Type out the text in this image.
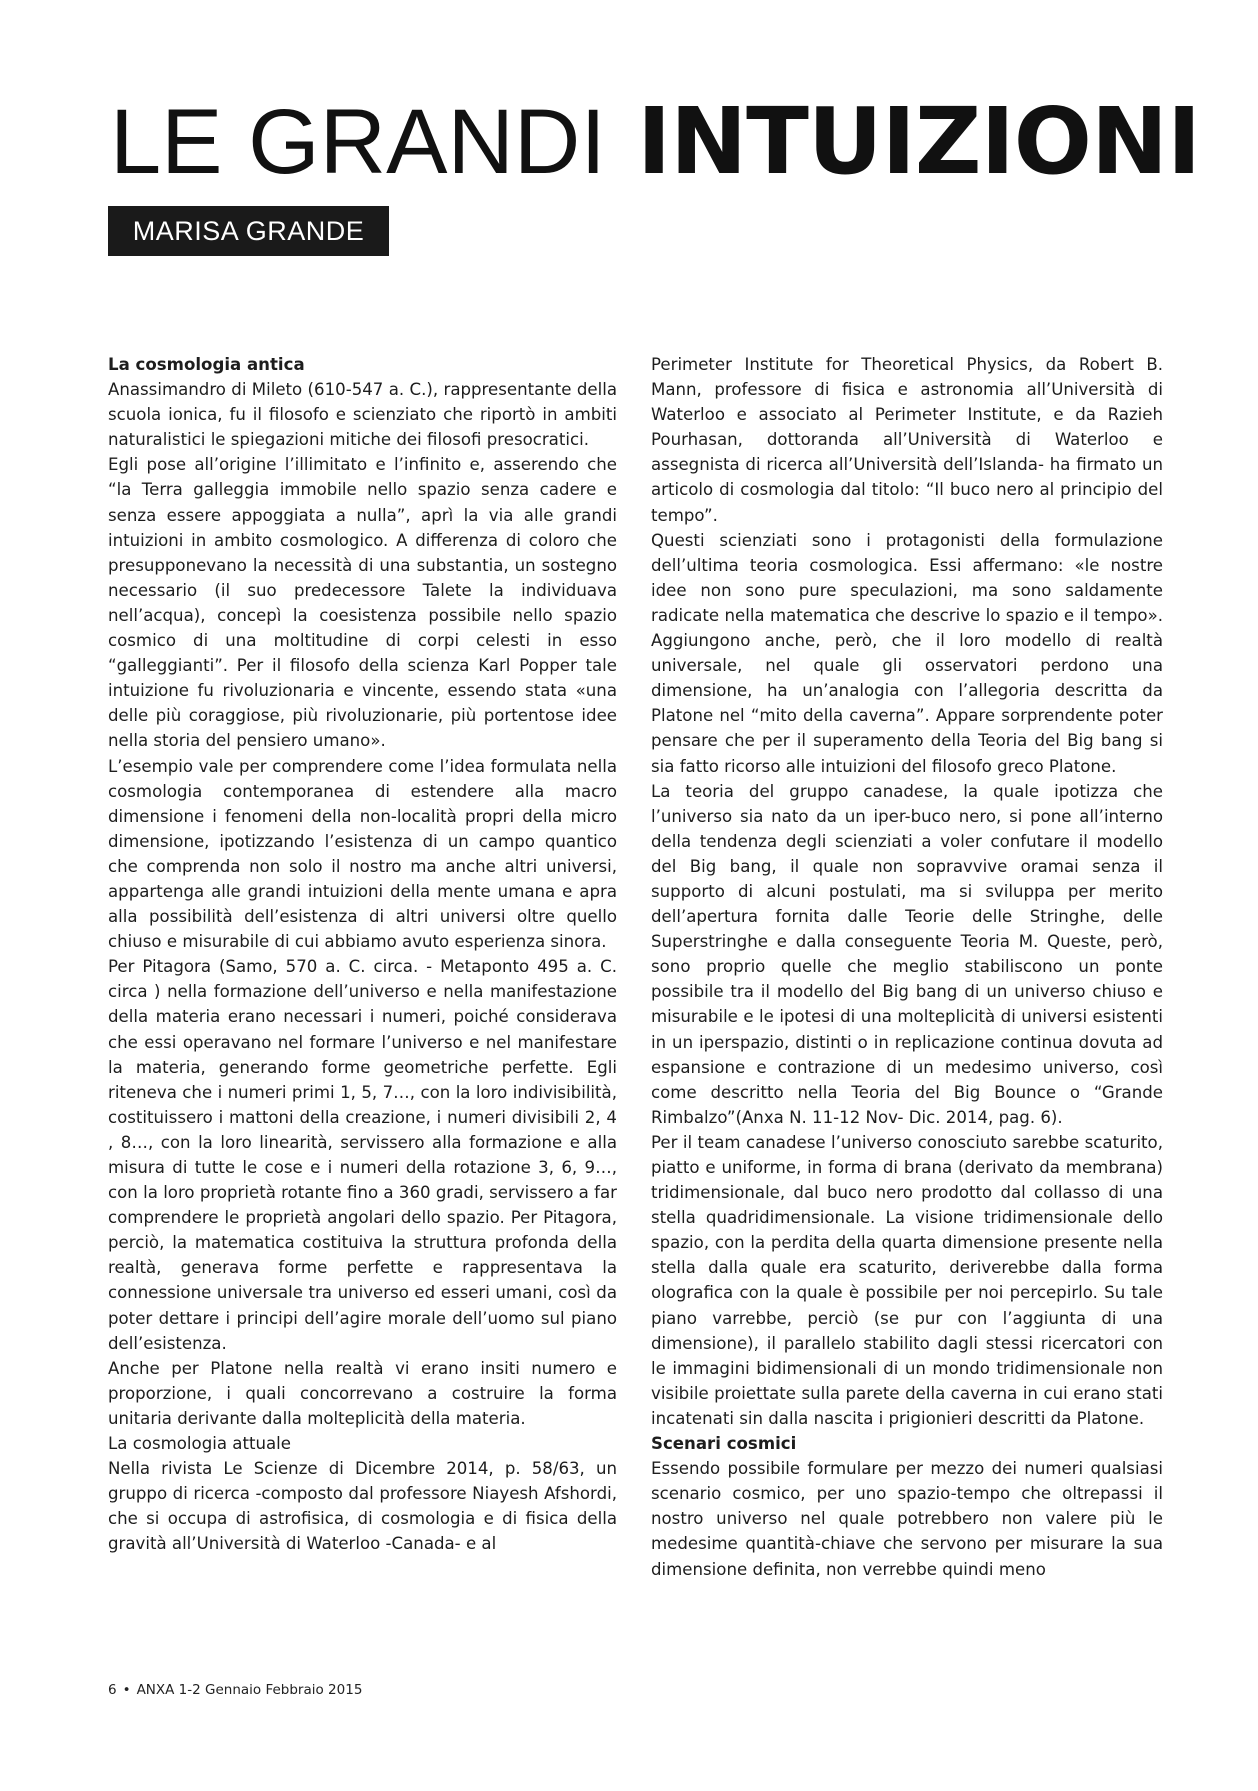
LE GRANDI INTUIZIONI
MARISA GRANDE

La cosmologia antica

Anassimandro di Mileto (610-547 a. C.), rappresentante della scuola ionica, fu il filosofo e scienziato che riportò in ambiti naturalistici le spiegazioni mitiche dei filosofi presocratici.

Egli pose all’origine l’illimitato e l’infinito e, asserendo che “la Terra galleggia immobile nello spazio senza cadere e senza essere appoggiata a nulla”, aprì la via alle grandi intuizioni in ambito cosmologico. A differenza di coloro che presupponevano la necessità di una substantia, un sostegno necessario (il suo predecessore Talete la individuava nell’acqua), concepì la coesistenza possibile nello spazio cosmico di una moltitudine di corpi celesti in esso “galleggianti”. Per il filosofo della scienza Karl Popper tale intuizione fu rivoluzionaria e vincente, essendo stata «una delle più coraggiose, più rivoluzionarie, più portentose idee nella storia del pensiero umano».

L’esempio vale per comprendere come l’idea formulata nella cosmologia contemporanea di estendere alla macro dimensione i fenomeni della non-località propri della micro dimensione, ipotizzando l’esistenza di un campo quantico che comprenda non solo il nostro ma anche altri universi, appartenga alle grandi intuizioni della mente umana e apra alla possibilità dell’esistenza di altri universi oltre quello chiuso e misurabile di cui abbiamo avuto esperienza sinora.

Per Pitagora (Samo, 570 a. C. circa. - Metaponto 495 a. C. circa ) nella formazione dell’universo e nella manifestazione della materia erano necessari i numeri, poiché considerava che essi operavano nel formare l’universo e nel manifestare la materia, generando forme geometriche perfette. Egli riteneva che i numeri primi 1, 5, 7…, con la loro indivisibilità, costituissero i mattoni della creazione, i numeri divisibili 2, 4 , 8…, con la loro linearità, servissero alla formazione e alla misura di tutte le cose e i numeri della rotazione 3, 6, 9…, con la loro proprietà rotante fino a 360 gradi, servissero a far comprendere le proprietà angolari dello spazio. Per Pitagora, perciò, la matematica costituiva la struttura profonda della realtà, generava forme perfette e rappresentava la connessione universale tra universo ed esseri umani, così da poter dettare i principi dell’agire morale dell’uomo sul piano dell’esistenza.

Anche per Platone nella realtà vi erano insiti numero e proporzione, i quali concorrevano a costruire la forma unitaria derivante dalla molteplicità della materia.

La cosmologia attuale

Nella rivista Le Scienze di Dicembre 2014, p. 58/63, un gruppo di ricerca -composto dal professore Niayesh Afshordi, che si occupa di astrofisica, di cosmologia e di fisica della gravità all’Università di Waterloo -Canada- e al

Perimeter Institute for Theoretical Physics, da Robert B. Mann, professore di fisica e astronomia all’Università di Waterloo e associato al Perimeter Institute, e da Razieh Pourhasan, dottoranda all’Università di Waterloo e assegnista di ricerca all’Università dell’Islanda- ha firmato un articolo di cosmologia dal titolo: “Il buco nero al principio del tempo”.

Questi scienziati sono i protagonisti della formulazione dell’ultima teoria cosmologica. Essi affermano: «le nostre idee non sono pure speculazioni, ma sono saldamente radicate nella matematica che descrive lo spazio e il tempo». Aggiungono anche, però, che il loro modello di realtà universale, nel quale gli osservatori perdono una dimensione, ha un’analogia con l’allegoria descritta da Platone nel “mito della caverna”. Appare sorprendente poter pensare che per il superamento della Teoria del Big bang si sia fatto ricorso alle intuizioni del filosofo greco Platone.

La teoria del gruppo canadese, la quale ipotizza che l’universo sia nato da un iper-buco nero, si pone all’interno della tendenza degli scienziati a voler confutare il modello del Big bang, il quale non sopravvive oramai senza il supporto di alcuni postulati, ma si sviluppa per merito dell’apertura fornita dalle Teorie delle Stringhe, delle Superstringhe e dalla conseguente Teoria M. Queste, però, sono proprio quelle che meglio stabiliscono un ponte possibile tra il modello del Big bang di un universo chiuso e misurabile e le ipotesi di una molteplicità di universi esistenti in un iperspazio, distinti o in replicazione continua dovuta ad espansione e contrazione di un medesimo universo, così come descritto nella Teoria del Big Bounce o “Grande Rimbalzo”(Anxa N. 11-12 Nov- Dic. 2014, pag. 6).

Per il team canadese l’universo conosciuto sarebbe scaturito, piatto e uniforme, in forma di brana (derivato da membrana) tridimensionale, dal buco nero prodotto dal collasso di una stella quadridimensionale. La visione tridimensionale dello spazio, con la perdita della quarta dimensione presente nella stella dalla quale era scaturito, deriverebbe dalla forma olografica con la quale è possibile per noi percepirlo. Su tale piano varrebbe, perciò (se pur con l’aggiunta di una dimensione), il parallelo stabilito dagli stessi ricercatori con le immagini bidimensionali di un mondo tridimensionale non visibile proiettate sulla parete della caverna in cui erano stati incatenati sin dalla nascita i prigionieri descritti da Platone.

Scenari cosmici

Essendo possibile formulare per mezzo dei numeri qualsiasi scenario cosmico, per uno spazio-tempo che oltrepassi il nostro universo nel quale potrebbero non valere più le medesime quantità-chiave che servono per misurare la sua dimensione definita, non verrebbe quindi meno

6 • ANXA 1-2 Gennaio Febbraio 2015
